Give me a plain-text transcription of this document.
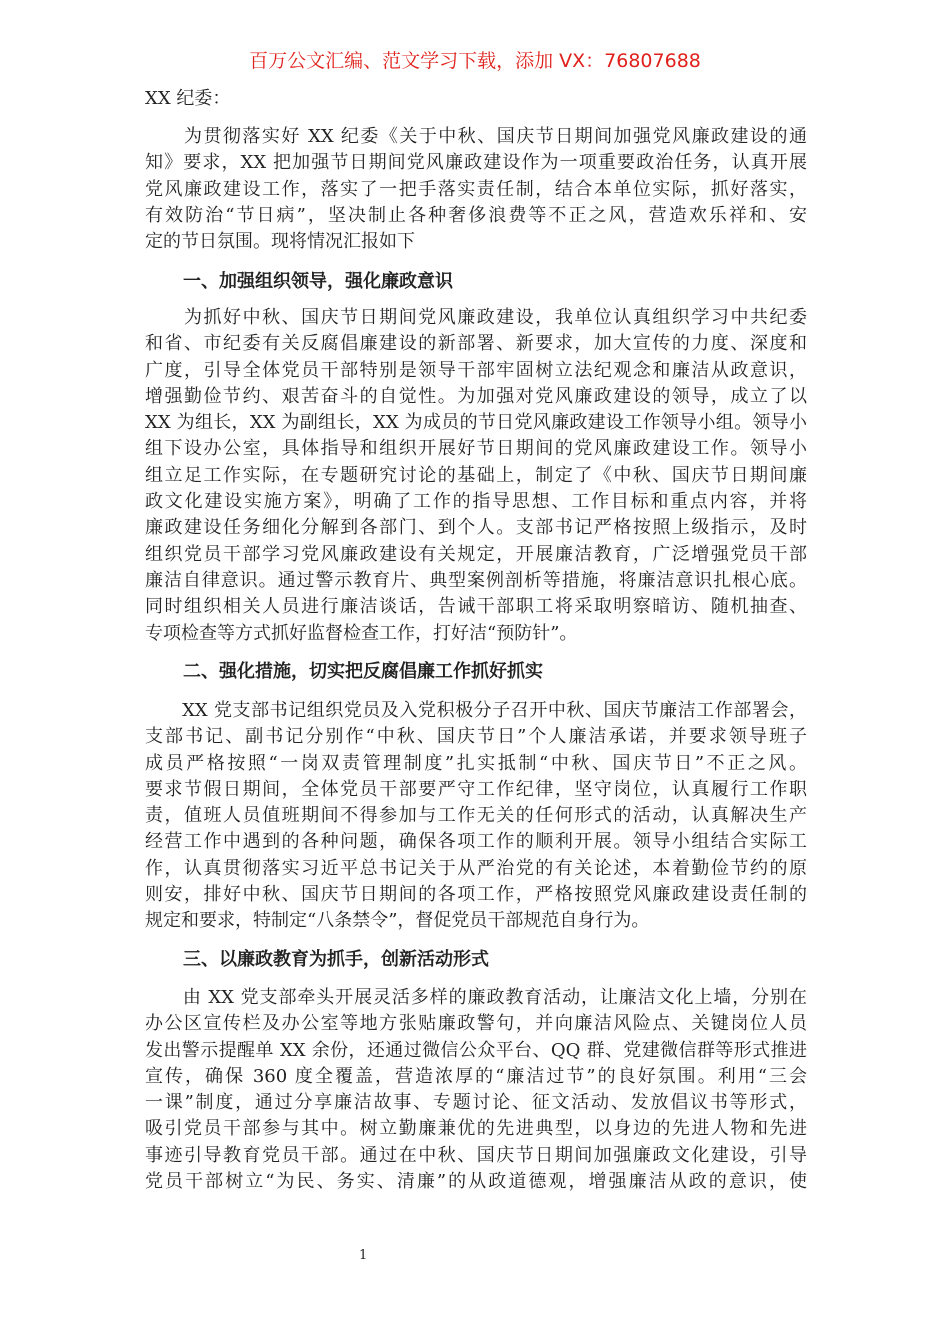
百万公文汇编、范文学习下载，添加 VX：76807688
XX 纪委：
　　为贯彻落实好 XX 纪委《关于中秋、国庆节日期间加强党风廉政建设的通
知》要求，XX 把加强节日期间党风廉政建设作为一项重要政治任务，认真开展
党风廉政建设工作，落实了一把手落实责任制，结合本单位实际，抓好落实，
有效防治“节日病”，坚决制止各种奢侈浪费等不正之风，营造欢乐祥和、安
定的节日氛围。现将情况汇报如下
一、加强组织领导，强化廉政意识
　　为抓好中秋、国庆节日期间党风廉政建设，我单位认真组织学习中共纪委
和省、市纪委有关反腐倡廉建设的新部署、新要求，加大宣传的力度、深度和
广度，引导全体党员干部特别是领导干部牢固树立法纪观念和廉洁从政意识，
增强勤俭节约、艰苦奋斗的自觉性。为加强对党风廉政建设的领导，成立了以
XX 为组长，XX 为副组长，XX 为成员的节日党风廉政建设工作领导小组。领导小
组下设办公室，具体指导和组织开展好节日期间的党风廉政建设工作。领导小
组立足工作实际，在专题研究讨论的基础上，制定了《中秋、国庆节日期间廉
政文化建设实施方案》，明确了工作的指导思想、工作目标和重点内容，并将
廉政建设任务细化分解到各部门、到个人。支部书记严格按照上级指示，及时
组织党员干部学习党风廉政建设有关规定，开展廉洁教育，广泛增强党员干部
廉洁自律意识。通过警示教育片、典型案例剖析等措施，将廉洁意识扎根心底。
同时组织相关人员进行廉洁谈话，告诫干部职工将采取明察暗访、随机抽查、
专项检查等方式抓好监督检查工作，打好洁“预防针”。
二、强化措施，切实把反腐倡廉工作抓好抓实
　　XX 党支部书记组织党员及入党积极分子召开中秋、国庆节廉洁工作部署会，
支部书记、副书记分别作“中秋、国庆节日”个人廉洁承诺，并要求领导班子
成员严格按照“一岗双责管理制度”扎实抵制“中秋、国庆节日”不正之风。
要求节假日期间，全体党员干部要严守工作纪律，坚守岗位，认真履行工作职
责，值班人员值班期间不得参加与工作无关的任何形式的活动，认真解决生产
经营工作中遇到的各种问题，确保各项工作的顺利开展。领导小组结合实际工
作，认真贯彻落实习近平总书记关于从严治党的有关论述，本着勤俭节约的原
则安，排好中秋、国庆节日期间的各项工作，严格按照党风廉政建设责任制的
规定和要求，特制定“八条禁令”，督促党员干部规范自身行为。
三、以廉政教育为抓手，创新活动形式
　　由 XX 党支部牵头开展灵活多样的廉政教育活动，让廉洁文化上墙，分别在
办公区宣传栏及办公室等地方张贴廉政警句，并向廉洁风险点、关键岗位人员
发出警示提醒单 XX 余份，还通过微信公众平台、QQ 群、党建微信群等形式推进
宣传，确保 360 度全覆盖，营造浓厚的“廉洁过节”的良好氛围。利用“三会
一课”制度，通过分享廉洁故事、专题讨论、征文活动、发放倡议书等形式，
吸引党员干部参与其中。树立勤廉兼优的先进典型，以身边的先进人物和先进
事迹引导教育党员干部。通过在中秋、国庆节日期间加强廉政文化建设，引导
党员干部树立“为民、务实、清廉”的从政道德观，增强廉洁从政的意识，使
1
